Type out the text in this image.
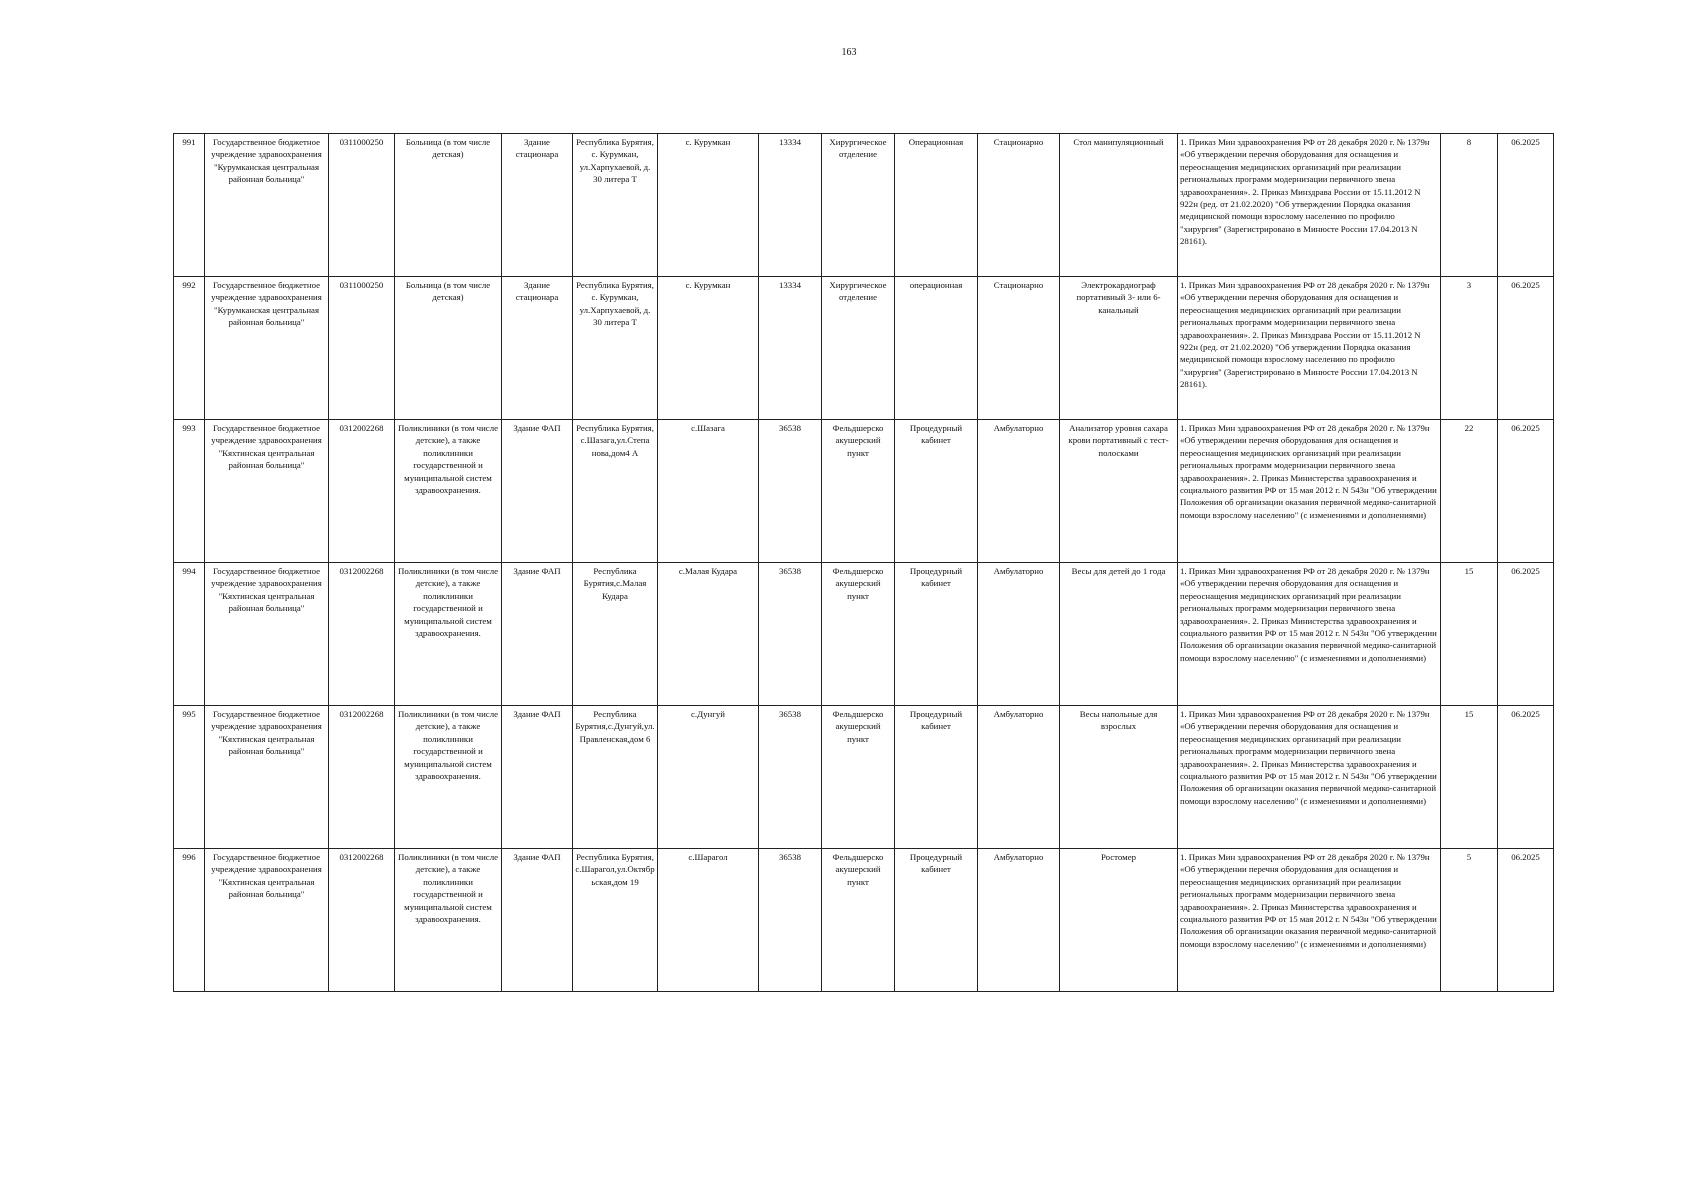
163
991	Государственное бюджетное учреждение здравоохранения "Курумканская центральная районная больница"	0311000250	Больница (в том числе детская)	Здание стационара	Республика Бурятия, с. Курумкан, ул.Харпухаевой, д. 30 литера Т	с. Курумкан	13334	Хирургическое отделение	Операционная	Стационарно	Стол манипуляционный	1. Приказ Мин здравоохранения РФ от 28 декабря 2020 г. № 1379н «Об утверждении перечня оборудования для оснащения и переоснащения медицинских организаций при реализации региональных программ модернизации первичного звена здравоохранения». 2. Приказ Минздрава России от 15.11.2012 N 922н (ред. от 21.02.2020) "Об утверждении Порядка оказания медицинской помощи взрослому населению по профилю "хирургия" (Зарегистрировано в Минюсте России 17.04.2013 N 28161).	8	06.2025
992	Государственное бюджетное учреждение здравоохранения "Курумканская центральная районная больница"	0311000250	Больница (в том числе детская)	Здание стационара	Республика Бурятия, с. Курумкан, ул.Харпухаевой, д. 30 литера Т	с. Курумкан	13334	Хирургическое отделение	операционная	Стационарно	Электрокардиограф портативный 3- или 6- канальный	1. Приказ Мин здравоохранения РФ от 28 декабря 2020 г. № 1379н «Об утверждении перечня оборудования для оснащения и переоснащения медицинских организаций при реализации региональных программ модернизации первичного звена здравоохранения». 2. Приказ Минздрава России от 15.11.2012 N 922н (ред. от 21.02.2020) "Об утверждении Порядка оказания медицинской помощи взрослому населению по профилю "хирургия" (Зарегистрировано в Минюсте России 17.04.2013 N 28161).	3	06.2025
993	Государственное бюджетное учреждение здравоохранения "Кяхтинская центральная районная больница"	0312002268	Поликлиники (в том числе детские), а также поликлиники государственной и муниципальной систем здравоохранения.	Здание ФАП	Республика Бурятия, с.Шазага,ул.Степа нова,дом4 А	с.Шазага	36538	Фельдшерско акушерский пункт	Процедурный кабинет	Амбулаторно	Анализатор уровня сахара крови портативный с тест-полосками	1. Приказ Мин здравоохранения РФ от 28 декабря 2020 г. № 1379н «Об утверждении перечня оборудования для оснащения и переоснащения медицинских организаций при реализации региональных программ модернизации первичного звена здравоохранения». 2. Приказ Министерства здравоохранения и социального развития РФ от 15 мая 2012 г. N 543н "Об утверждении Положения об организации оказания первичной медико-санитарной помощи взрослому населению" (с изменениями и дополнениями)	22	06.2025
994	Государственное бюджетное учреждение здравоохранения "Кяхтинская центральная районная больница"	0312002268	Поликлиники (в том числе детские), а также поликлиники государственной и муниципальной систем здравоохранения.	Здание ФАП	Республика Бурятия,с.Малая Кудара	с.Малая Кудара	36538	Фельдшерско акушерский пункт	Процедурный кабинет	Амбулаторно	Весы для детей до 1 года	1. Приказ Мин здравоохранения РФ от 28 декабря 2020 г. № 1379н «Об утверждении перечня оборудования для оснащения и переоснащения медицинских организаций при реализации региональных программ модернизации первичного звена здравоохранения». 2. Приказ Министерства здравоохранения и социального развития РФ от 15 мая 2012 г. N 543н "Об утверждении Положения об организации оказания первичной медико-санитарной помощи взрослому населению" (с изменениями и дополнениями)	15	06.2025
995	Государственное бюджетное учреждение здравоохранения "Кяхтинская центральная районная больница"	0312002268	Поликлиники (в том числе детские), а также поликлиники государственной и муниципальной систем здравоохранения.	Здание ФАП	Республика Бурятия,с.Дунгуй,ул.Правленская,дом 6	с.Дунгуй	36538	Фельдшерско акушерский пункт	Процедурный кабинет	Амбулаторно	Весы напольные для взрослых	1. Приказ Мин здравоохранения РФ от 28 декабря 2020 г. № 1379н «Об утверждении перечня оборудования для оснащения и переоснащения медицинских организаций при реализации региональных программ модернизации первичного звена здравоохранения». 2. Приказ Министерства здравоохранения и социального развития РФ от 15 мая 2012 г. N 543н "Об утверждении Положения об организации оказания первичной медико-санитарной помощи взрослому населению" (с изменениями и дополнениями)	15	06.2025
996	Государственное бюджетное учреждение здравоохранения "Кяхтинская центральная районная больница"	0312002268	Поликлиники (в том числе детские), а также поликлиники государственной и муниципальной систем здравоохранения.	Здание ФАП	Республика Бурятия, с.Шарагол,ул.Октябрьская,дом 19	с.Шарагол	36538	Фельдшерско акушерский пункт	Процедурный кабинет	Амбулаторно	Ростомер	1. Приказ Мин здравоохранения РФ от 28 декабря 2020 г. № 1379н «Об утверждении перечня оборудования для оснащения и переоснащения медицинских организаций при реализации региональных программ модернизации первичного звена здравоохранения». 2. Приказ Министерства здравоохранения и социального развития РФ от 15 мая 2012 г. N 543н "Об утверждении Положения об организации оказания первичной медико-санитарной помощи взрослому населению" (с изменениями и дополнениями)	5	06.2025
